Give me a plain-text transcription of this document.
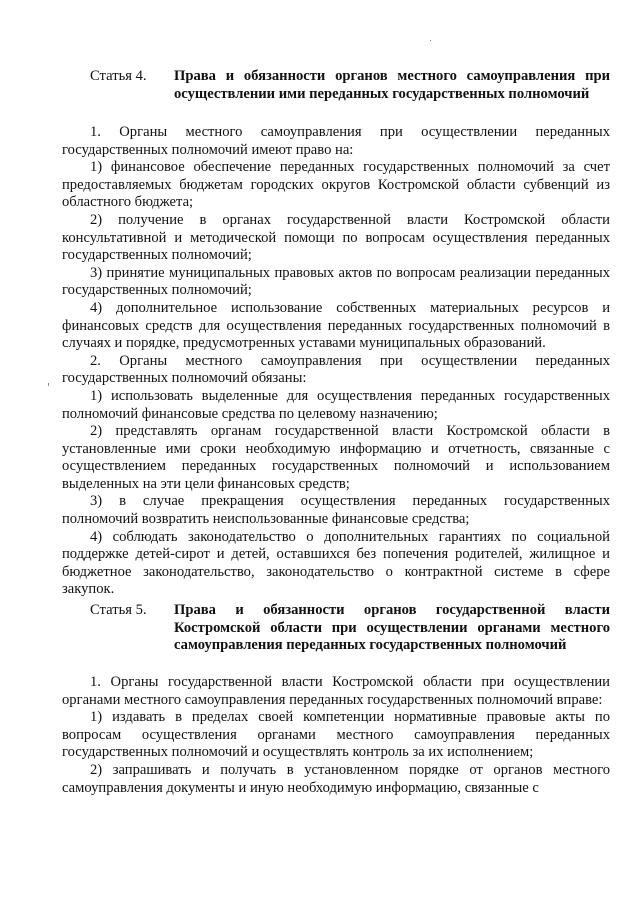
Статья 4.	Права и обязанности органов местного самоуправления при осуществлении ими переданных государственных полномочий

1. Органы местного самоуправления при осуществлении переданных государственных полномочий имеют право на:

1) финансовое обеспечение переданных государственных полномочий за счет предоставляемых бюджетам городских округов Костромской области субвенций из областного бюджета;

2) получение в органах государственной власти Костромской области консультативной и методической помощи по вопросам осуществления переданных государственных полномочий;

3) принятие муниципальных правовых актов по вопросам реализации переданных государственных полномочий;

4) дополнительное использование собственных материальных ресурсов и финансовых средств для осуществления переданных государственных полномочий в случаях и порядке, предусмотренных уставами муниципальных образований.

2. Органы местного самоуправления при осуществлении переданных государственных полномочий обязаны:

1) использовать выделенные для осуществления переданных государственных полномочий финансовые средства по целевому назначению;

2) представлять органам государственной власти Костромской области в установленные ими сроки необходимую информацию и отчетность, связанные с осуществлением переданных государственных полномочий и использованием выделенных на эти цели финансовых средств;

3) в случае прекращения осуществления переданных государственных полномочий возвратить неиспользованные финансовые средства;

4) соблюдать законодательство о дополнительных гарантиях по социальной поддержке детей-сирот и детей, оставшихся без попечения родителей, жилищное и бюджетное законодательство, законодательство о контрактной системе в сфере закупок.

Статья 5.	Права и обязанности органов государственной власти Костромской области при осуществлении органами местного самоуправления переданных государственных полномочий

1. Органы государственной власти Костромской области при осуществлении органами местного самоуправления переданных государственных полномочий вправе:

1) издавать в пределах своей компетенции нормативные правовые акты по вопросам осуществления органами местного самоуправления переданных государственных полномочий и осуществлять контроль за их исполнением;

2) запрашивать и получать в установленном порядке от органов местного самоуправления документы и иную необходимую информацию, связанные с
